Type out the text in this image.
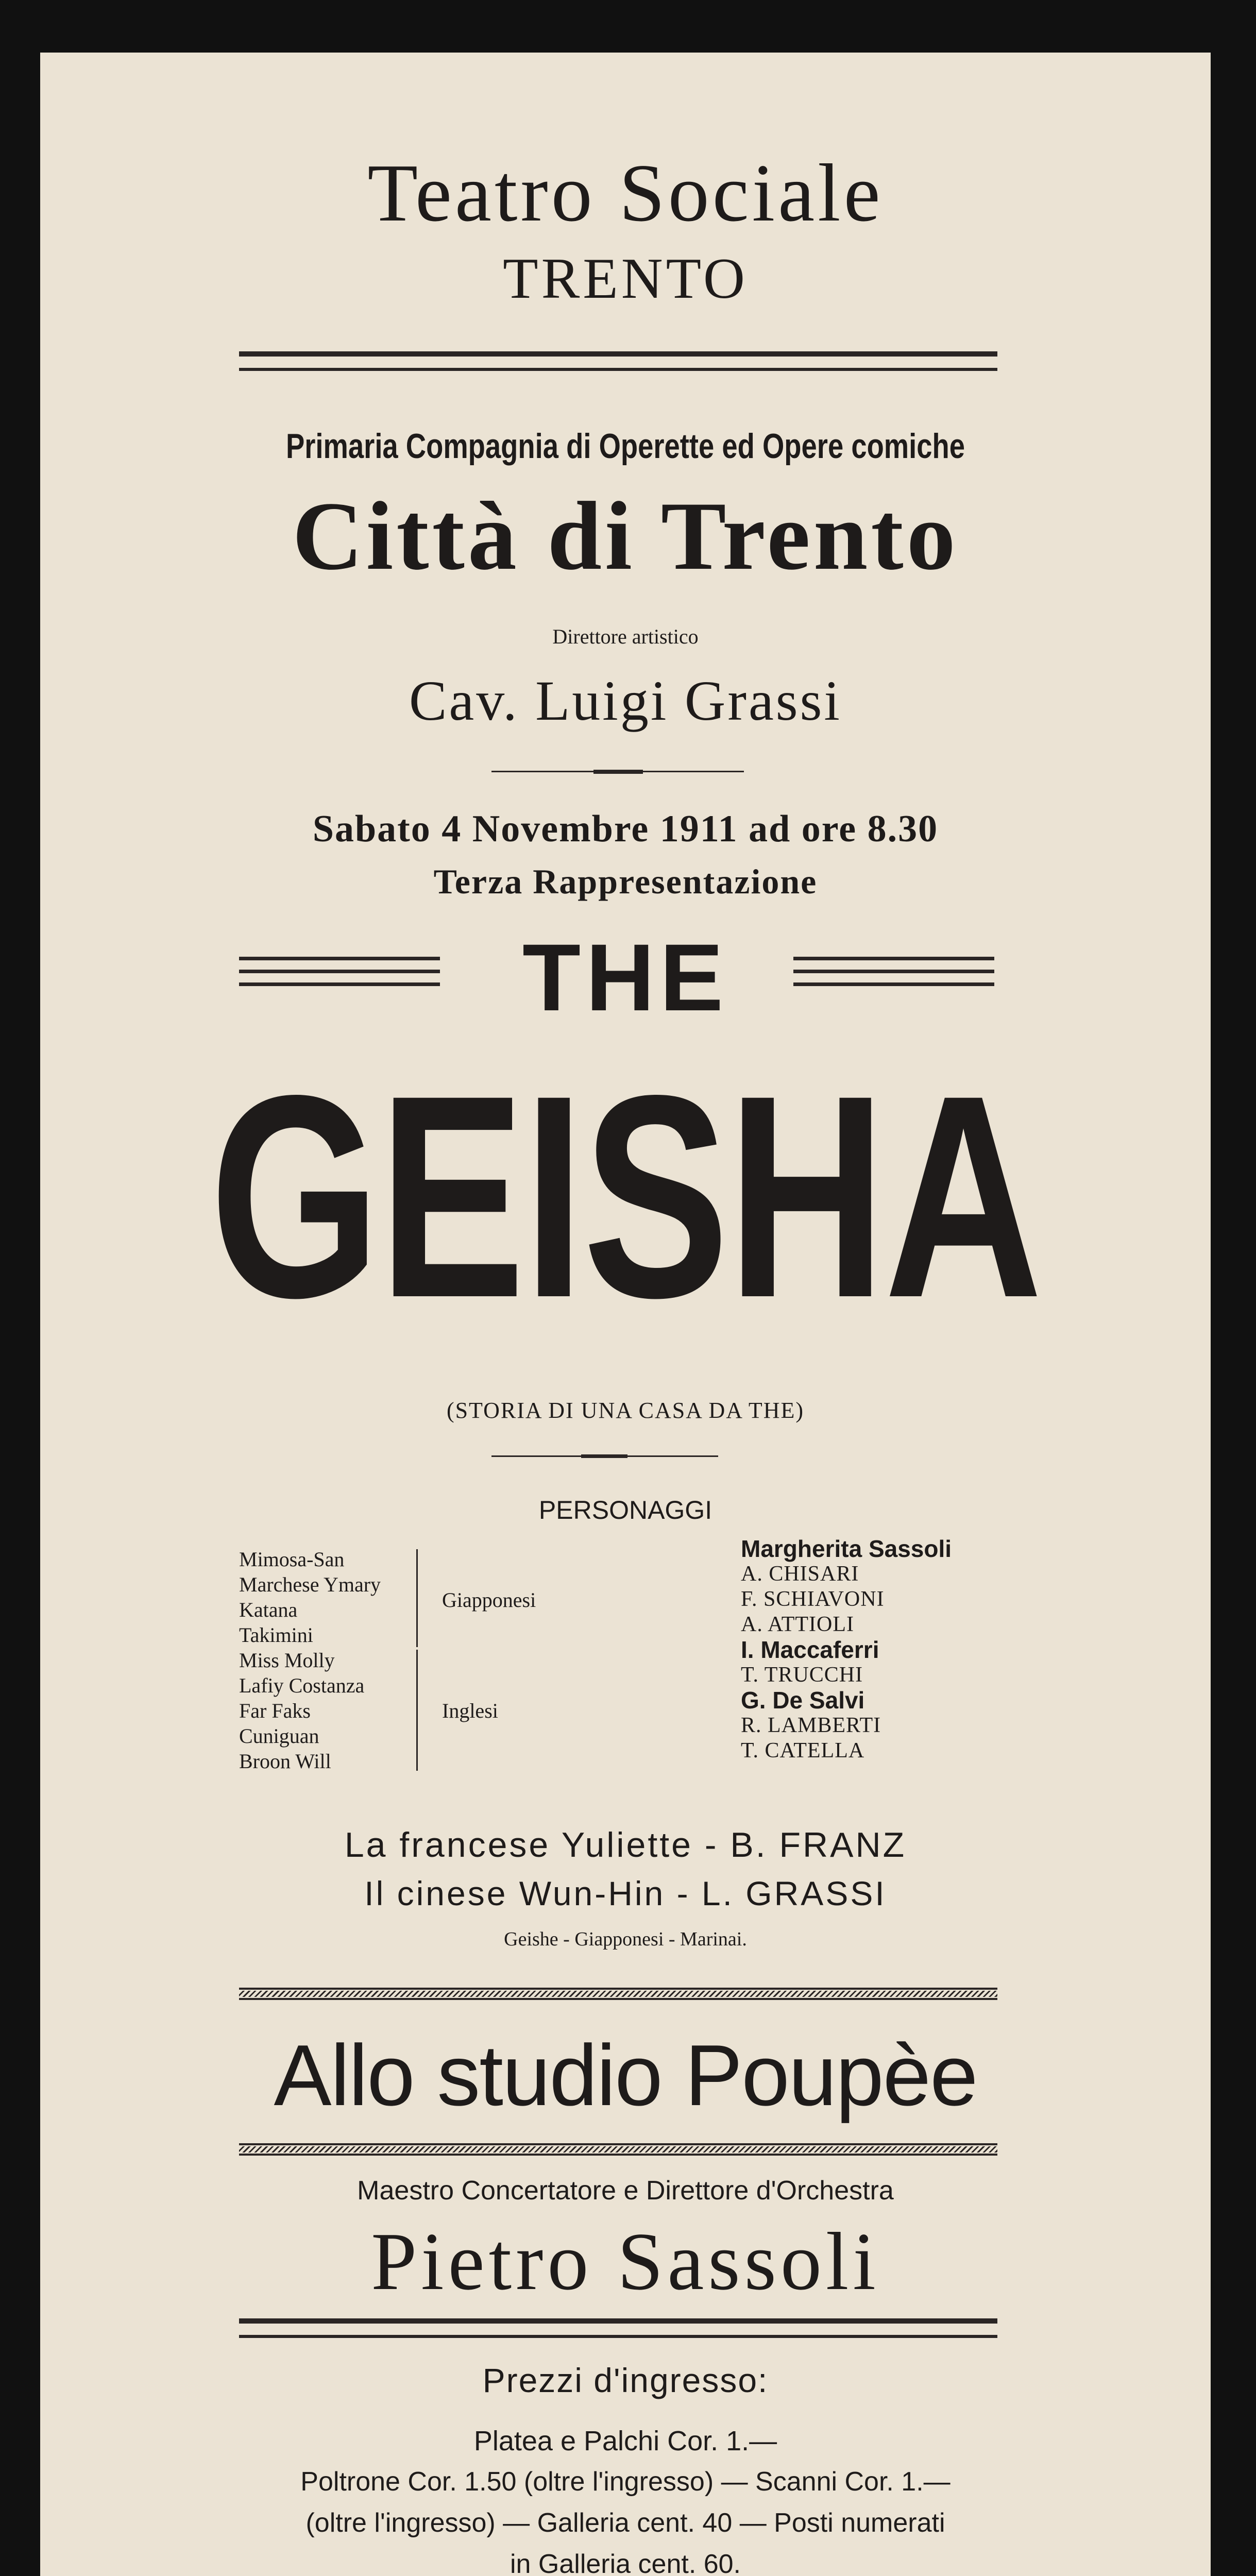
Teatro Sociale
TRENTO
Primaria Compagnia di Operette ed Opere comiche
Città di Trento
Direttore artistico
Cav. Luigi Grassi
Sabato 4 Novembre 1911 ad ore 8.30
Terza Rappresentazione
THE
GEISHA
(STORIA DI UNA CASA DA THE)
PERSONAGGI
Mimosa-San
Marchese Ymary
Katana
Takimini
Miss Molly
Lafiy Costanza
Far Faks
Cuniguan
Broon Will
Giapponesi
Inglesi
Margherita Sassoli
A. CHISARI
F. SCHIAVONI
A. ATTIOLI
I. Maccaferri
T. TRUCCHI
G. De Salvi
R. LAMBERTI
T. CATELLA
La francese Yuliette - B. FRANZ
Il cinese Wun-Hin - L. GRASSI
Geishe - Giapponesi - Marinai.
Allo studio Poupèe
Maestro Concertatore e Direttore d'Orchestra
Pietro Sassoli
Prezzi d'ingresso:
Platea e Palchi Cor. 1.—
Poltrone Cor. 1.50 (oltre l'ingresso) — Scanni Cor. 1.—
(oltre l'ingresso) — Galleria cent. 40 — Posti numerati
in Galleria cent. 60.
